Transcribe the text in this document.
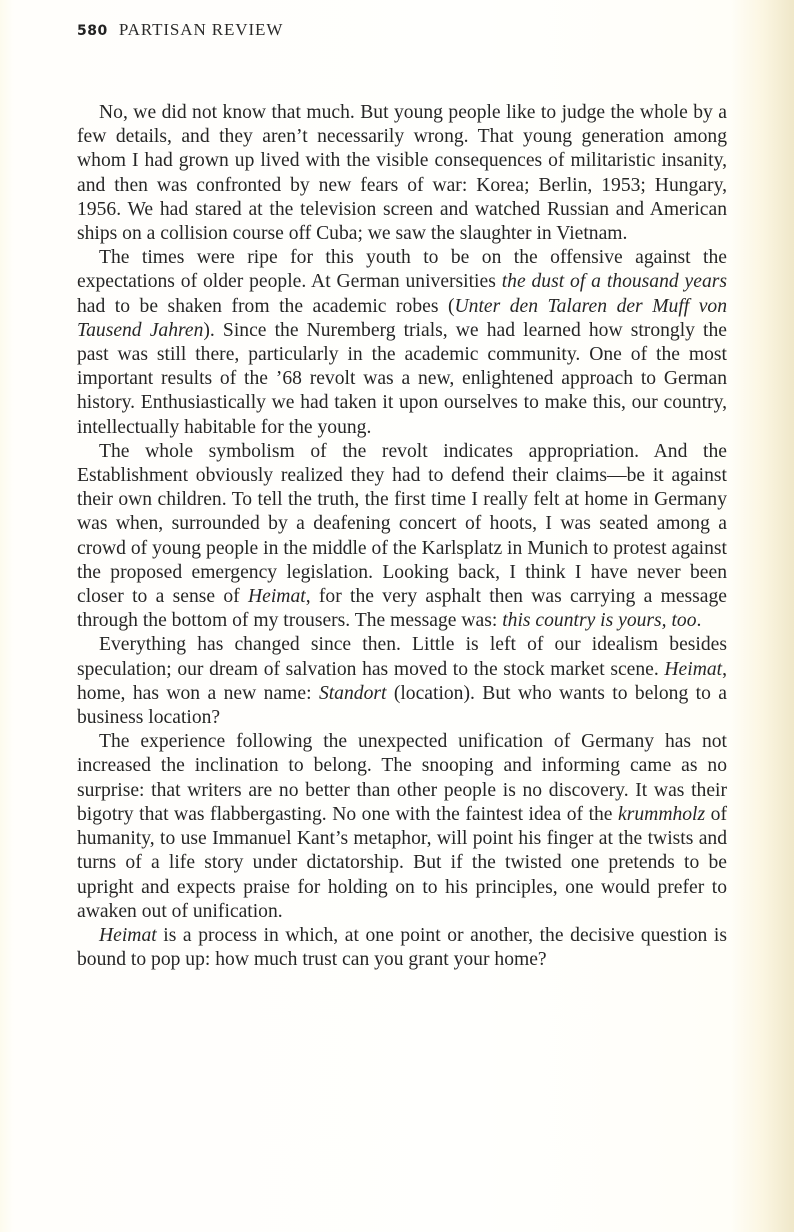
580 PARTISAN REVIEW

No, we did not know that much. But young people like to judge the whole by a few details, and they aren’t necessarily wrong. That young generation among whom I had grown up lived with the visible consequences of militaristic insanity, and then was confronted by new fears of war: Korea; Berlin, 1953; Hungary, 1956. We had stared at the television screen and watched Russian and American ships on a collision course off Cuba; we saw the slaughter in Vietnam.

The times were ripe for this youth to be on the offensive against the expectations of older people. At German universities the dust of a thousand years had to be shaken from the academic robes (Unter den Talaren der Muff von Tausend Jahren). Since the Nuremberg trials, we had learned how strongly the past was still there, particularly in the academic community. One of the most important results of the ’68 revolt was a new, enlightened approach to German history. Enthusiastically we had taken it upon ourselves to make this, our country, intellectually habitable for the young.

The whole symbolism of the revolt indicates appropriation. And the Establishment obviously realized they had to defend their claims—be it against their own children. To tell the truth, the first time I really felt at home in Germany was when, surrounded by a deafening concert of hoots, I was seated among a crowd of young people in the middle of the Karlsplatz in Munich to protest against the proposed emergency legislation. Looking back, I think I have never been closer to a sense of Heimat, for the very asphalt then was carrying a message through the bottom of my trousers. The message was: this country is yours, too.

Everything has changed since then. Little is left of our idealism besides speculation; our dream of salvation has moved to the stock market scene. Heimat, home, has won a new name: Standort (location). But who wants to belong to a business location?

The experience following the unexpected unification of Germany has not increased the inclination to belong. The snooping and informing came as no surprise: that writers are no better than other people is no discovery. It was their bigotry that was flabbergasting. No one with the faintest idea of the krummholz of humanity, to use Immanuel Kant’s metaphor, will point his finger at the twists and turns of a life story under dictatorship. But if the twisted one pretends to be upright and expects praise for holding on to his principles, one would prefer to awaken out of unification.

Heimat is a process in which, at one point or another, the decisive question is bound to pop up: how much trust can you grant your home?
